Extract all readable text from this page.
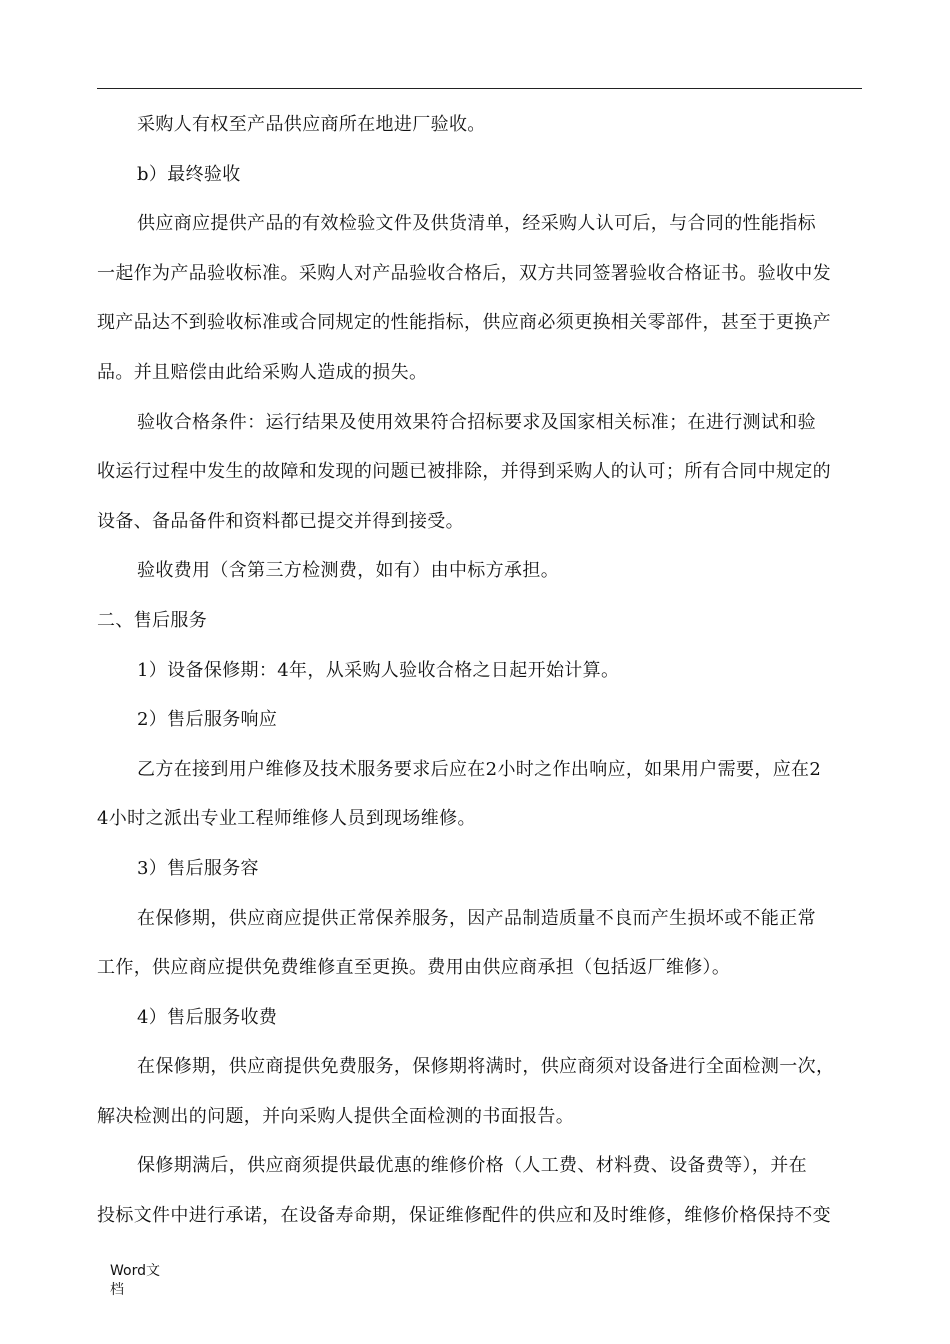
采购人有权至产品供应商所在地进厂验收。
b）最终验收
供应商应提供产品的有效检验文件及供货清单，经采购人认可后，与合同的性能指标
一起作为产品验收标准。采购人对产品验收合格后，双方共同签署验收合格证书。验收中发
现产品达不到验收标准或合同规定的性能指标，供应商必须更换相关零部件，甚至于更换产
品。并且赔偿由此给采购人造成的损失。
验收合格条件：运行结果及使用效果符合招标要求及国家相关标准；在进行测试和验
收运行过程中发生的故障和发现的问题已被排除，并得到采购人的认可；所有合同中规定的
设备、备品备件和资料都已提交并得到接受。
验收费用（含第三方检测费，如有）由中标方承担。
二、售后服务
1）设备保修期：4年，从采购人验收合格之日起开始计算。
2）售后服务响应
乙方在接到用户维修及技术服务要求后应在2小时之作出响应，如果用户需要，应在2
4小时之派出专业工程师维修人员到现场维修。
3）售后服务容
在保修期，供应商应提供正常保养服务，因产品制造质量不良而产生损坏或不能正常
工作，供应商应提供免费维修直至更换。费用由供应商承担（包括返厂维修）。
4）售后服务收费
在保修期，供应商提供免费服务，保修期将满时，供应商须对设备进行全面检测一次，
解决检测出的问题，并向采购人提供全面检测的书面报告。
保修期满后，供应商须提供最优惠的维修价格（人工费、材料费、设备费等），并在
投标文件中进行承诺，在设备寿命期，保证维修配件的供应和及时维修，维修价格保持不变
Word文
档
